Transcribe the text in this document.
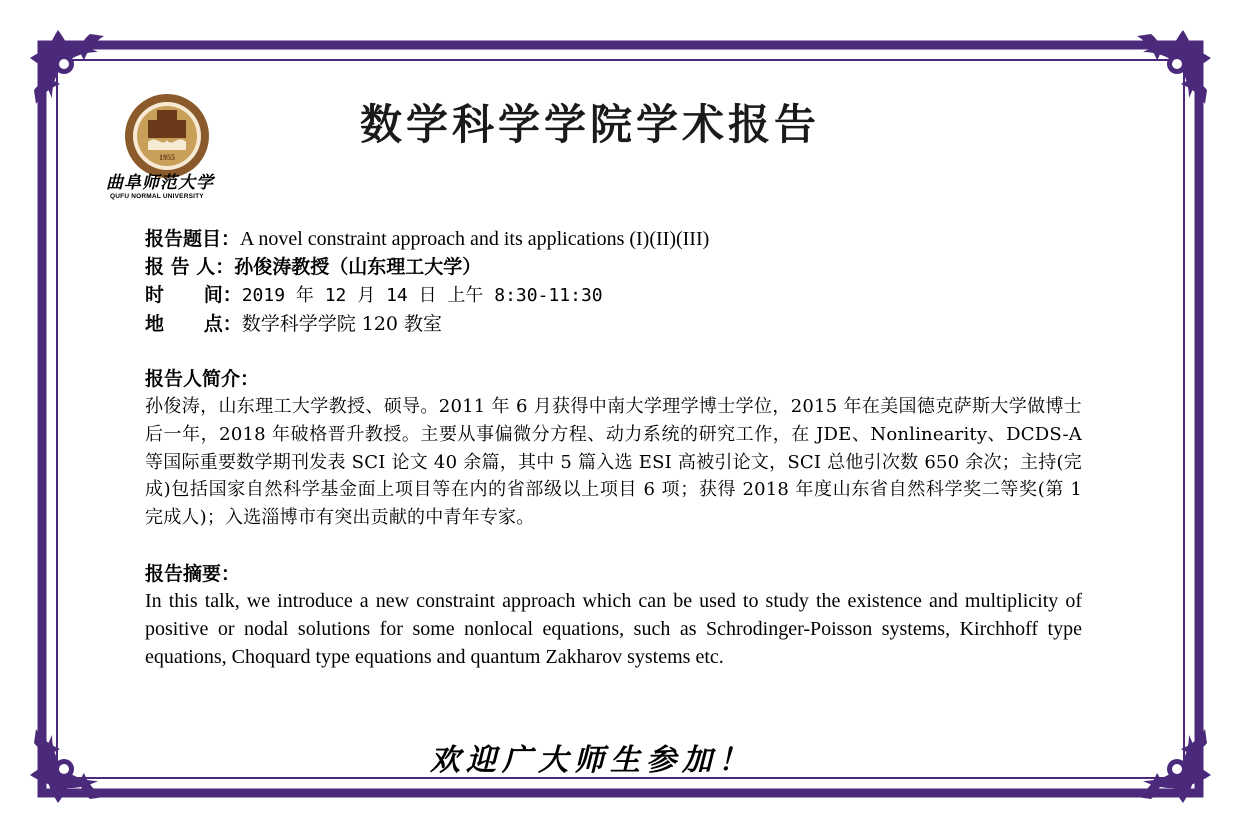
1955
曲阜师范大学
QUFU NORMAL UNIVERSITY
数学科学学院学术报告
报告题目：A novel constraint approach and its applications (I)(II)(III)
报 告 人：孙俊涛教授（山东理工大学）
时      间：2019 年 12 月 14 日 上午 8:30-11:30
地      点：数学科学学院 120 教室
报告人简介：
孙俊涛，山东理工大学教授、硕导。2011 年 6 月获得中南大学理学博士学位，2015 年在美国德克萨斯大学做博士后一年，2018 年破格晋升教授。主要从事偏微分方程、动力系统的研究工作，在 JDE、Nonlinearity、DCDS-A 等国际重要数学期刊发表 SCI 论文 40 余篇，其中 5 篇入选 ESI 高被引论文，SCI 总他引次数 650 余次；主持(完成)包括国家自然科学基金面上项目等在内的省部级以上项目 6 项；获得 2018 年度山东省自然科学奖二等奖(第 1 完成人)；入选淄博市有突出贡献的中青年专家。
报告摘要：
In this talk, we introduce a new constraint approach which can be used to study the existence and multiplicity of positive or nodal solutions for some nonlocal equations, such as Schrodinger-Poisson systems, Kirchhoff type equations, Choquard type equations and quantum Zakharov systems etc.
欢迎广大师生参加！
